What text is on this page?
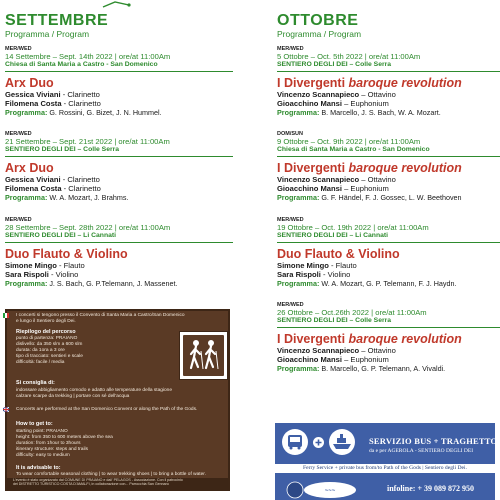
SETTEMBRE
Programma / Program
MER/WED
14 Settembre – Sept. 14th 2022 | ore/at 11:00Am
Chiesa di Santa Maria a Castro - San Domenico
Arx Duo
Gessica Viviani - Clarinetto
Filomena Costa - Clarinetto
Programma: G. Rossini, G. Bizet, J. N. Hummel.
MER/WED
21 Settembre – Sept. 21st 2022 | ore/at 11:00Am
SENTIERO DEGLI DEI – Colle Serra
Arx Duo
Gessica Viviani - Clarinetto
Filomena Costa - Clarinetto
Programma: W. A. Mozart, J. Brahms.
MER/WED
28 Settembre – Sept. 28th 2022 | ore/at 11:00Am
SENTIERO DEGLI DEI – Li Cannati
Duo Flauto & Violino
Simone Mingo - Flauto
Sara Rispoli - Violino
Programma: J. S. Bach, G. P.Telemann, J. Massenet.
OTTOBRE
Programma / Program
MER/WED
5 Ottobre – Oct. 5th 2022 | ore/at 11:00Am
SENTIERO DEGLI DEI – Colle Serra
I Divergenti baroque revolution
Vincenzo Scannapieco – Ottavino
Gioacchino Mansi – Euphonium
Programma: B. Marcello, J. S. Bach, W. A. Mozart.
DOM/SUN
9 Ottobre – Oct. 9th 2022 | ore/at 11:00Am
Chiesa di Santa Maria a Castro - San Domenico
I Divergenti baroque revolution
Vincenzo Scannapieco – Ottavino
Gioacchino Mansi – Euphonium
Programma: G. F. Händel, F. J. Gossec, L. W. Beethoven
MER/WED
19 Ottobre – Oct. 19th 2022 | ore/at 11:00Am
SENTIERO DEGLI DEI – Li Cannati
Duo Flauto & Violino
Simone Mingo - Flauto
Sara Rispoli - Violino
Programma: W. A. Mozart, G. P. Telemann, F. J. Haydn.
MER/WED
26 Ottobre – Oct.26th 2022 | ore/at 11:00Am
SENTIERO DEGLI DEI – Colle Serra
I Divergenti baroque revolution
Vincenzo Scannapieco – Ottavino
Gioacchino Mansi – Euphonium
Programma: B. Marcello, G. P. Telemann, A. Vivaldi.
I concerti si tengono presso il Convento di Santa Maria a Castro/San Domenico
e lungo il Sentiero degli Dei.
Riepilogo del percorso
punto di partenza: PRAIANO
dislivello: da 350 slm a 600 slm
durata: da 1ora a 3 ore
tipo di tracciato: sentieri e scale
difficoltà: facile / media
Si consiglia di:
indossare abbigliamento comodo e adatto alle temperature della stagione
calzare scarpe da trekking | portare con sé dell'acqua
Concerts are performed at the San Domenico Convent or along the Path of the Gods.
How to get to:
starting point: PRAIANO
height: from 350 to 600 meters above the sea
duration: from 1hour to 3hours
itinerary structure: steps and trails
difficulty: easy to medium
It is advisable to:
To wear comfortable seasonal clothing | to wear trekking shoes | to bring a bottle of water.
L'evento è stato organizzato dal COMUNE DI PRAIANO e dall' PELAGOS - Associazione. Con il patrocinio
dei DISTRETTO TURISTICO COSTA D'AMALFI, in collaborazione con... Parrocchia San Gennaro
SERVIZIO BUS + TRAGHETTO
da e per AGEROLA - SENTIERO DEGLI DEI
Ferry Service + private bus from/to Path of the Gods | Sentiero degli Dei.
~~~	infoline: + 39 089 872 950
